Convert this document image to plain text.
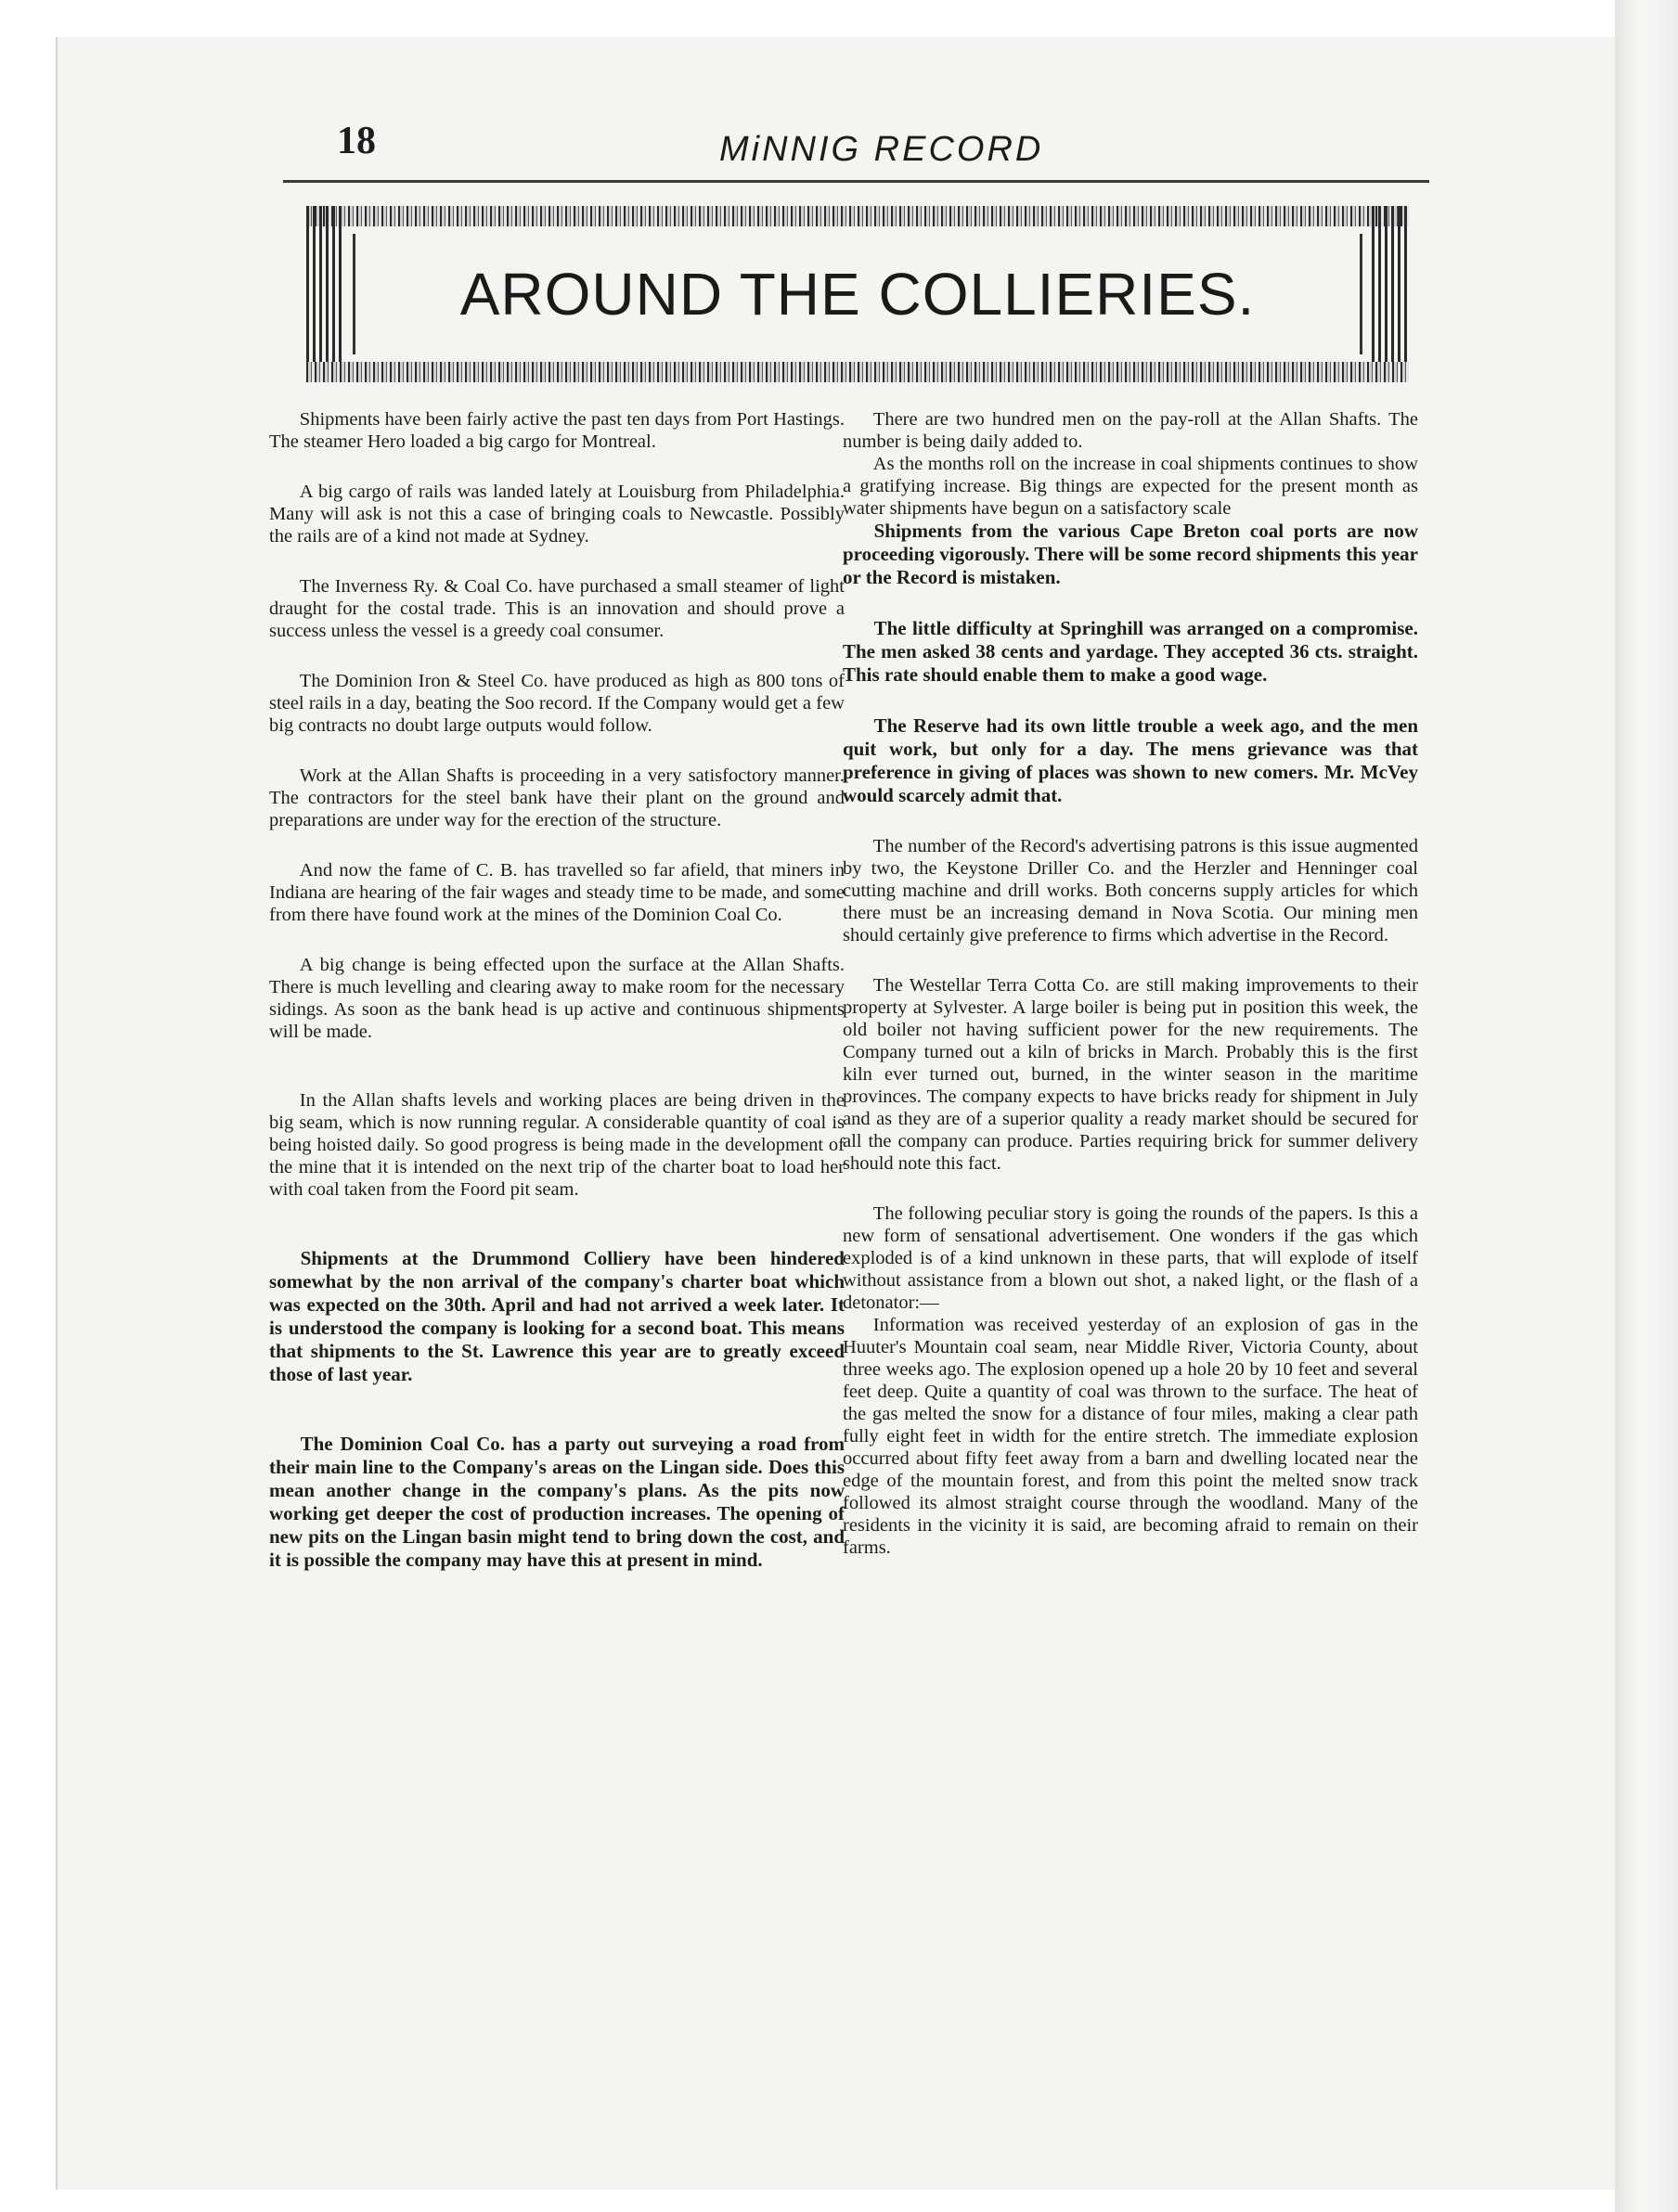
18	MiNNIG RECORD
AROUND THE COLLIERIES.

Shipments have been fairly active the past ten days from Port Hastings. The steamer Hero loaded a big cargo for Montreal.

A big cargo of rails was landed lately at Louisburg from Philadelphia. Many will ask is not this a case of bringing coals to Newcastle. Possibly the rails are of a kind not made at Sydney.

The Inverness Ry. & Coal Co. have purchased a small steamer of light draught for the costal trade. This is an innovation and should prove a success unless the vessel is a greedy coal consumer.

The Dominion Iron & Steel Co. have produced as high as 800 tons of steel rails in a day, beating the Soo record. If the Company would get a few big contracts no doubt large outputs would follow.

Work at the Allan Shafts is proceeding in a very satisfoctory manner. The contractors for the steel bank have their plant on the ground and preparations are under way for the erection of the structure.

And now the fame of C. B. has travelled so far afield, that miners in Indiana are hearing of the fair wages and steady time to be made, and some from there have found work at the mines of the Dominion Coal Co.

A big change is being effected upon the surface at the Allan Shafts. There is much levelling and clearing away to make room for the necessary sidings. As soon as the bank head is up active and continuous shipments will be made.

In the Allan shafts levels and working places are being driven in the big seam, which is now running regular. A considerable quantity of coal is being hoisted daily. So good progress is being made in the development of the mine that it is intended on the next trip of the charter boat to load her with coal taken from the Foord pit seam.

Shipments at the Drummond Colliery have been hindered somewhat by the non arrival of the company's charter boat which was expected on the 30th. April and had not arrived a week later. It is understood the company is looking for a second boat. This means that shipments to the St. Lawrence this year are to greatly exceed those of last year.

The Dominion Coal Co. has a party out surveying a road from their main line to the Company's areas on the Lingan side. Does this mean another change in the company's plans. As the pits now working get deeper the cost of production increases. The opening of new pits on the Lingan basin might tend to bring down the cost, and it is possible the company may have this at present in mind.

There are two hundred men on the pay-roll at the Allan Shafts. The number is being daily added to.

As the months roll on the increase in coal shipments continues to show a gratifying increase. Big things are expected for the present month as water shipments have begun on a satisfactory scale

Shipments from the various Cape Breton coal ports are now proceeding vigorously. There will be some record shipments this year or the Record is mistaken.

The little difficulty at Springhill was arranged on a compromise. The men asked 38 cents and yardage. They accepted 36 cts. straight. This rate should enable them to make a good wage.

The Reserve had its own little trouble a week ago, and the men quit work, but only for a day. The mens grievance was that preference in giving of places was shown to new comers. Mr. McVey would scarcely admit that.

The number of the Record's advertising patrons is this issue augmented by two, the Keystone Driller Co. and the Herzler and Henninger coal cutting machine and drill works. Both concerns supply articles for which there must be an increasing demand in Nova Scotia. Our mining men should certainly give preference to firms which advertise in the Record.

The Westellar Terra Cotta Co. are still making improvements to their property at Sylvester. A large boiler is being put in position this week, the old boiler not having sufficient power for the new requirements. The Company turned out a kiln of bricks in March. Probably this is the first kiln ever turned out, burned, in the winter season in the maritime provinces. The company expects to have bricks ready for shipment in July and as they are of a superior quality a ready market should be secured for all the company can produce. Parties requiring brick for summer delivery should note this fact.

The following peculiar story is going the rounds of the papers. Is this a new form of sensational advertisement. One wonders if the gas which exploded is of a kind unknown in these parts, that will explode of itself without assistance from a blown out shot, a naked light, or the flash of a detonator:—

Information was received yesterday of an explosion of gas in the Huuter's Mountain coal seam, near Middle River, Victoria County, about three weeks ago. The explosion opened up a hole 20 by 10 feet and several feet deep. Quite a quantity of coal was thrown to the surface. The heat of the gas melted the snow for a distance of four miles, making a clear path fully eight feet in width for the entire stretch. The immediate explosion occurred about fifty feet away from a barn and dwelling located near the edge of the mountain forest, and from this point the melted snow track followed its almost straight course through the woodland. Many of the residents in the vicinity it is said, are becoming afraid to remain on their farms.
